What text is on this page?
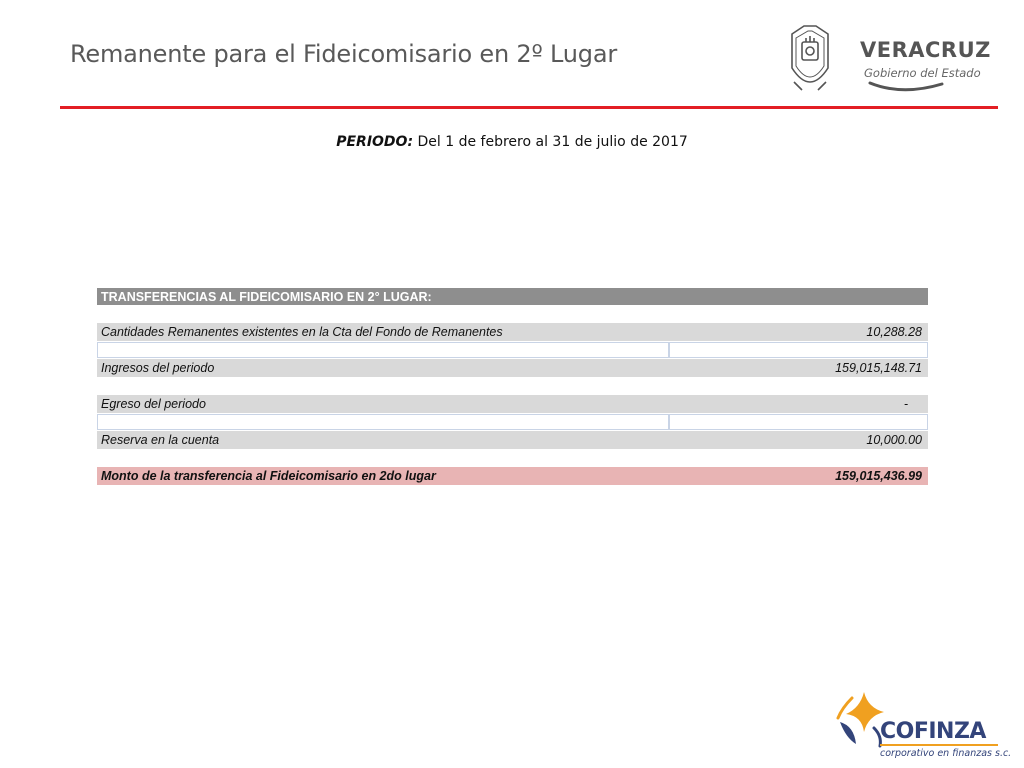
Remanente para el Fideicomisario en 2º Lugar	VERACRUZ
Gobierno del Estado
PERIODO: Del 1 de febrero al 31 de julio de 2017
TRANSFERENCIAS AL FIDEICOMISARIO EN 2° LUGAR:
Cantidades Remanentes existentes en la Cta del Fondo de Remanentes	10,288.28
Ingresos del periodo	159,015,148.71
Egreso del periodo	-
Reserva en la cuenta	10,000.00
Monto de la transferencia al Fideicomisario en 2do lugar	159,015,436.99
COFINZA
corporativo en finanzas s.c.
